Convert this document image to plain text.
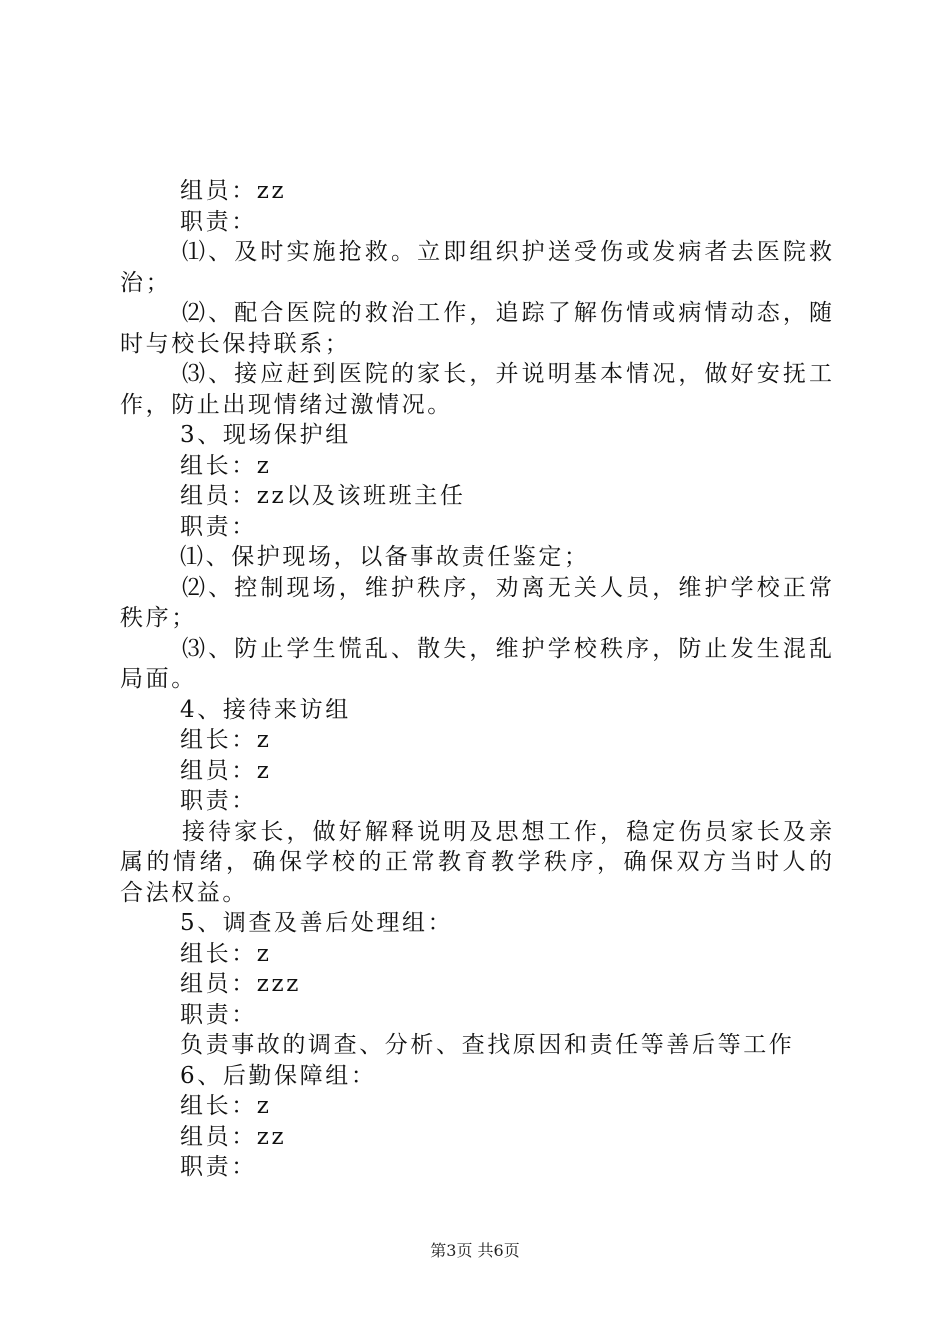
组员：zz
职责：
⑴ 、 及 时 实 施 抢 救 。 立 即 组 织 护 送 受 伤 或 发 病 者 去 医 院 救
治；
⑵ 、 配 合 医 院 的 救 治 工 作 ， 追 踪 了 解 伤 情 或 病 情 动 态 ， 随
时与校长保持联系；
⑶ 、 接 应 赶 到 医 院 的 家 长 ， 并 说 明 基 本 情 况 ， 做 好 安 抚 工
作，防止出现情绪过激情况。
3、现场保护组
组长：z
组员：zz以及该班班主任
职责：
⑴、保护现场，以备事故责任鉴定；
⑵ 、 控 制 现 场 ， 维 护 秩 序 ， 劝 离 无 关 人 员 ， 维 护 学 校 正 常
秩序；
⑶ 、 防 止 学 生 慌 乱 、 散 失 ， 维 护 学 校 秩 序 ， 防 止 发 生 混 乱
局面。
4、接待来访组
组长：z
组员：z
职责：
接 待 家 长 ， 做 好 解 释 说 明 及 思 想 工 作 ， 稳 定 伤 员 家 长 及 亲
属 的 情 绪 ， 确 保 学 校 的 正 常 教 育 教 学 秩 序 ， 确 保 双 方 当 时 人 的
合法权益。
5、调查及善后处理组：
组长：z
组员：zzz
职责：
负责事故的调查、分析、查找原因和责任等善后等工作
6、后勤保障组：
组长：z
组员：zz
职责：
第3页 共6页
